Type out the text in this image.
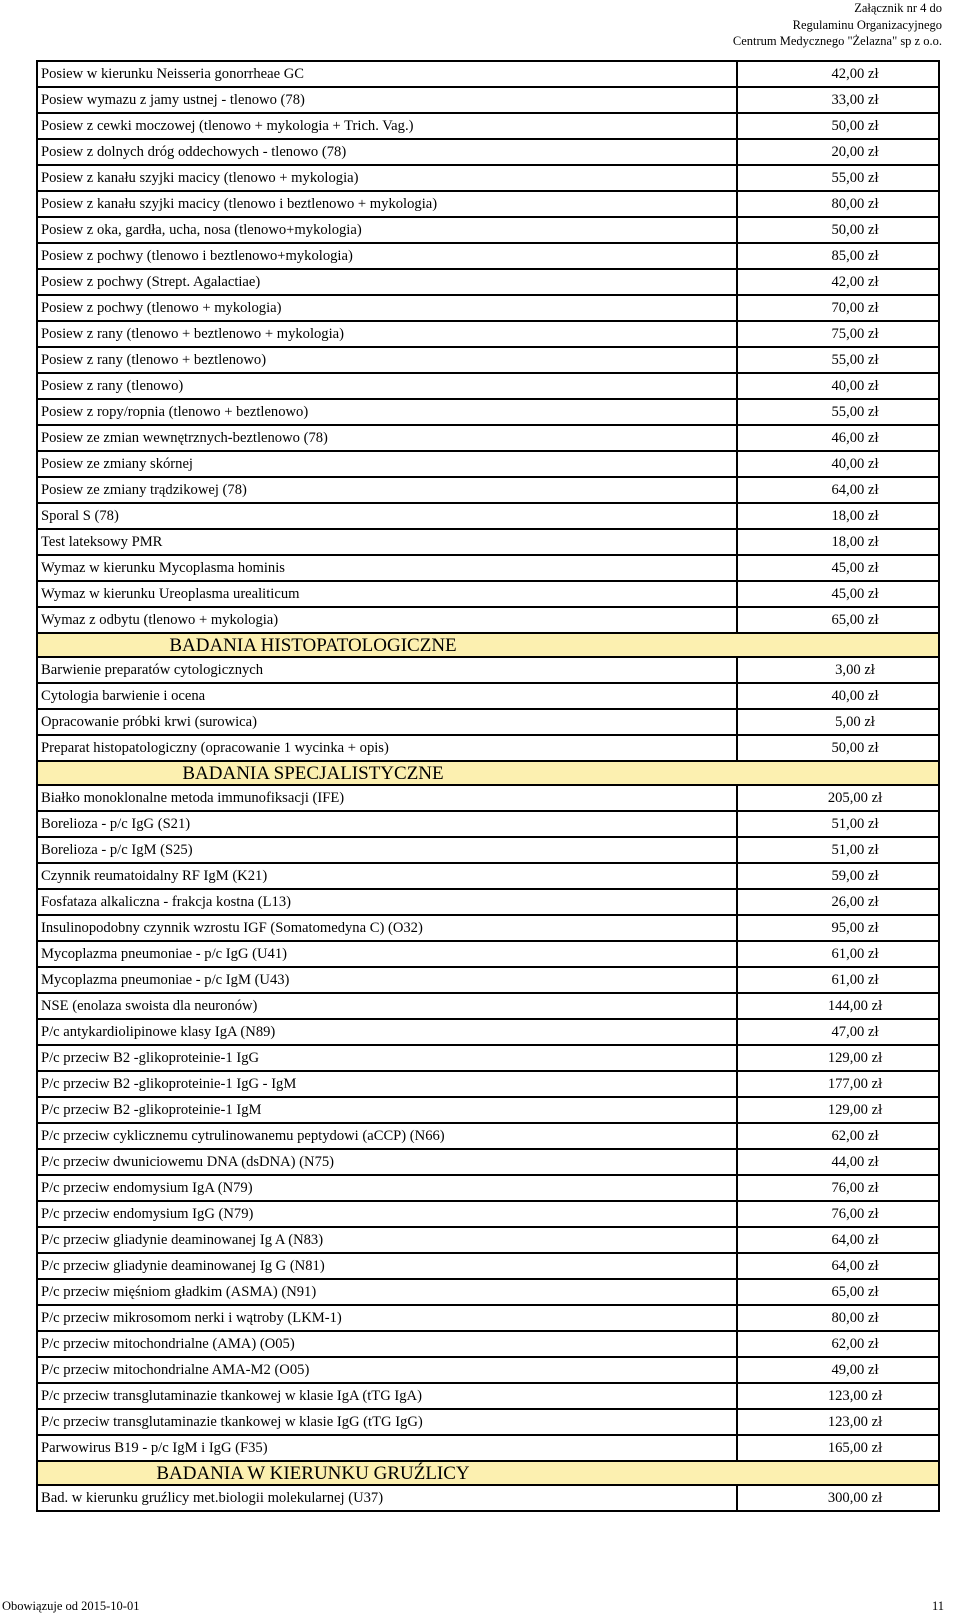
Załącznik nr 4 do
Regulaminu Organizacyjnego
Centrum Medycznego "Żelazna" sp z o.o.
Posiew w kierunku Neisseria gonorrheae GC	42,00 zł
Posiew wymazu z jamy ustnej - tlenowo (78)	33,00 zł
Posiew z cewki moczowej (tlenowo + mykologia + Trich. Vag.)	50,00 zł
Posiew z dolnych dróg oddechowych - tlenowo (78)	20,00 zł
Posiew z kanału szyjki macicy (tlenowo + mykologia)	55,00 zł
Posiew z kanału szyjki macicy (tlenowo i beztlenowo + mykologia)	80,00 zł
Posiew z oka, gardła, ucha, nosa (tlenowo+mykologia)	50,00 zł
Posiew z pochwy (tlenowo i beztlenowo+mykologia)	85,00 zł
Posiew z pochwy (Strept. Agalactiae)	42,00 zł
Posiew z pochwy (tlenowo + mykologia)	70,00 zł
Posiew z rany (tlenowo + beztlenowo + mykologia)	75,00 zł
Posiew z rany (tlenowo + beztlenowo)	55,00 zł
Posiew z rany (tlenowo)	40,00 zł
Posiew z ropy/ropnia (tlenowo + beztlenowo)	55,00 zł
Posiew ze zmian wewnętrznych-beztlenowo (78)	46,00 zł
Posiew ze zmiany skórnej	40,00 zł
Posiew ze zmiany trądzikowej (78)	64,00 zł
Sporal S (78)	18,00 zł
Test lateksowy PMR	18,00 zł
Wymaz w kierunku Mycoplasma hominis	45,00 zł
Wymaz w kierunku Ureoplasma urealiticum	45,00 zł
Wymaz z odbytu (tlenowo + mykologia)	65,00 zł
BADANIA HISTOPATOLOGICZNE	
Barwienie preparatów cytologicznych	3,00 zł
Cytologia barwienie i ocena	40,00 zł
Opracowanie próbki krwi (surowica)	5,00 zł
Preparat histopatologiczny (opracowanie 1 wycinka + opis)	50,00 zł
BADANIA SPECJALISTYCZNE	
Białko monoklonalne metoda immunofiksacji (IFE)	205,00 zł
Borelioza - p/c IgG (S21)	51,00 zł
Borelioza - p/c IgM (S25)	51,00 zł
Czynnik reumatoidalny RF IgM (K21)	59,00 zł
Fosfataza alkaliczna - frakcja kostna (L13)	26,00 zł
Insulinopodobny czynnik wzrostu IGF (Somatomedyna C) (O32)	95,00 zł
Mycoplazma pneumoniae - p/c IgG (U41)	61,00 zł
Mycoplazma pneumoniae - p/c IgM (U43)	61,00 zł
NSE (enolaza swoista dla neuronów)	144,00 zł
P/c antykardiolipinowe klasy IgA (N89)	47,00 zł
P/c przeciw B2 -glikoproteinie-1 IgG	129,00 zł
P/c przeciw B2 -glikoproteinie-1 IgG - IgM	177,00 zł
P/c przeciw B2 -glikoproteinie-1 IgM	129,00 zł
P/c przeciw cyklicznemu cytrulinowanemu peptydowi (aCCP) (N66)	62,00 zł
P/c przeciw dwuniciowemu DNA (dsDNA) (N75)	44,00 zł
P/c przeciw endomysium IgA (N79)	76,00 zł
P/c przeciw endomysium IgG (N79)	76,00 zł
P/c przeciw gliadynie deaminowanej Ig A (N83)	64,00 zł
P/c przeciw gliadynie deaminowanej Ig G (N81)	64,00 zł
P/c przeciw mięśniom gładkim (ASMA) (N91)	65,00 zł
P/c przeciw mikrosomom nerki i wątroby (LKM-1)	80,00 zł
P/c przeciw mitochondrialne (AMA) (O05)	62,00 zł
P/c przeciw mitochondrialne AMA-M2 (O05)	49,00 zł
P/c przeciw transglutaminazie tkankowej w klasie IgA (tTG IgA)	123,00 zł
P/c przeciw transglutaminazie tkankowej w klasie IgG (tTG IgG)	123,00 zł
Parwowirus B19 - p/c IgM i IgG (F35)	165,00 zł
BADANIA W KIERUNKU GRUŹLICY	
Bad. w kierunku gruźlicy met.biologii molekularnej (U37)	300,00 zł
Obowiązuje od 2015-10-01	11
